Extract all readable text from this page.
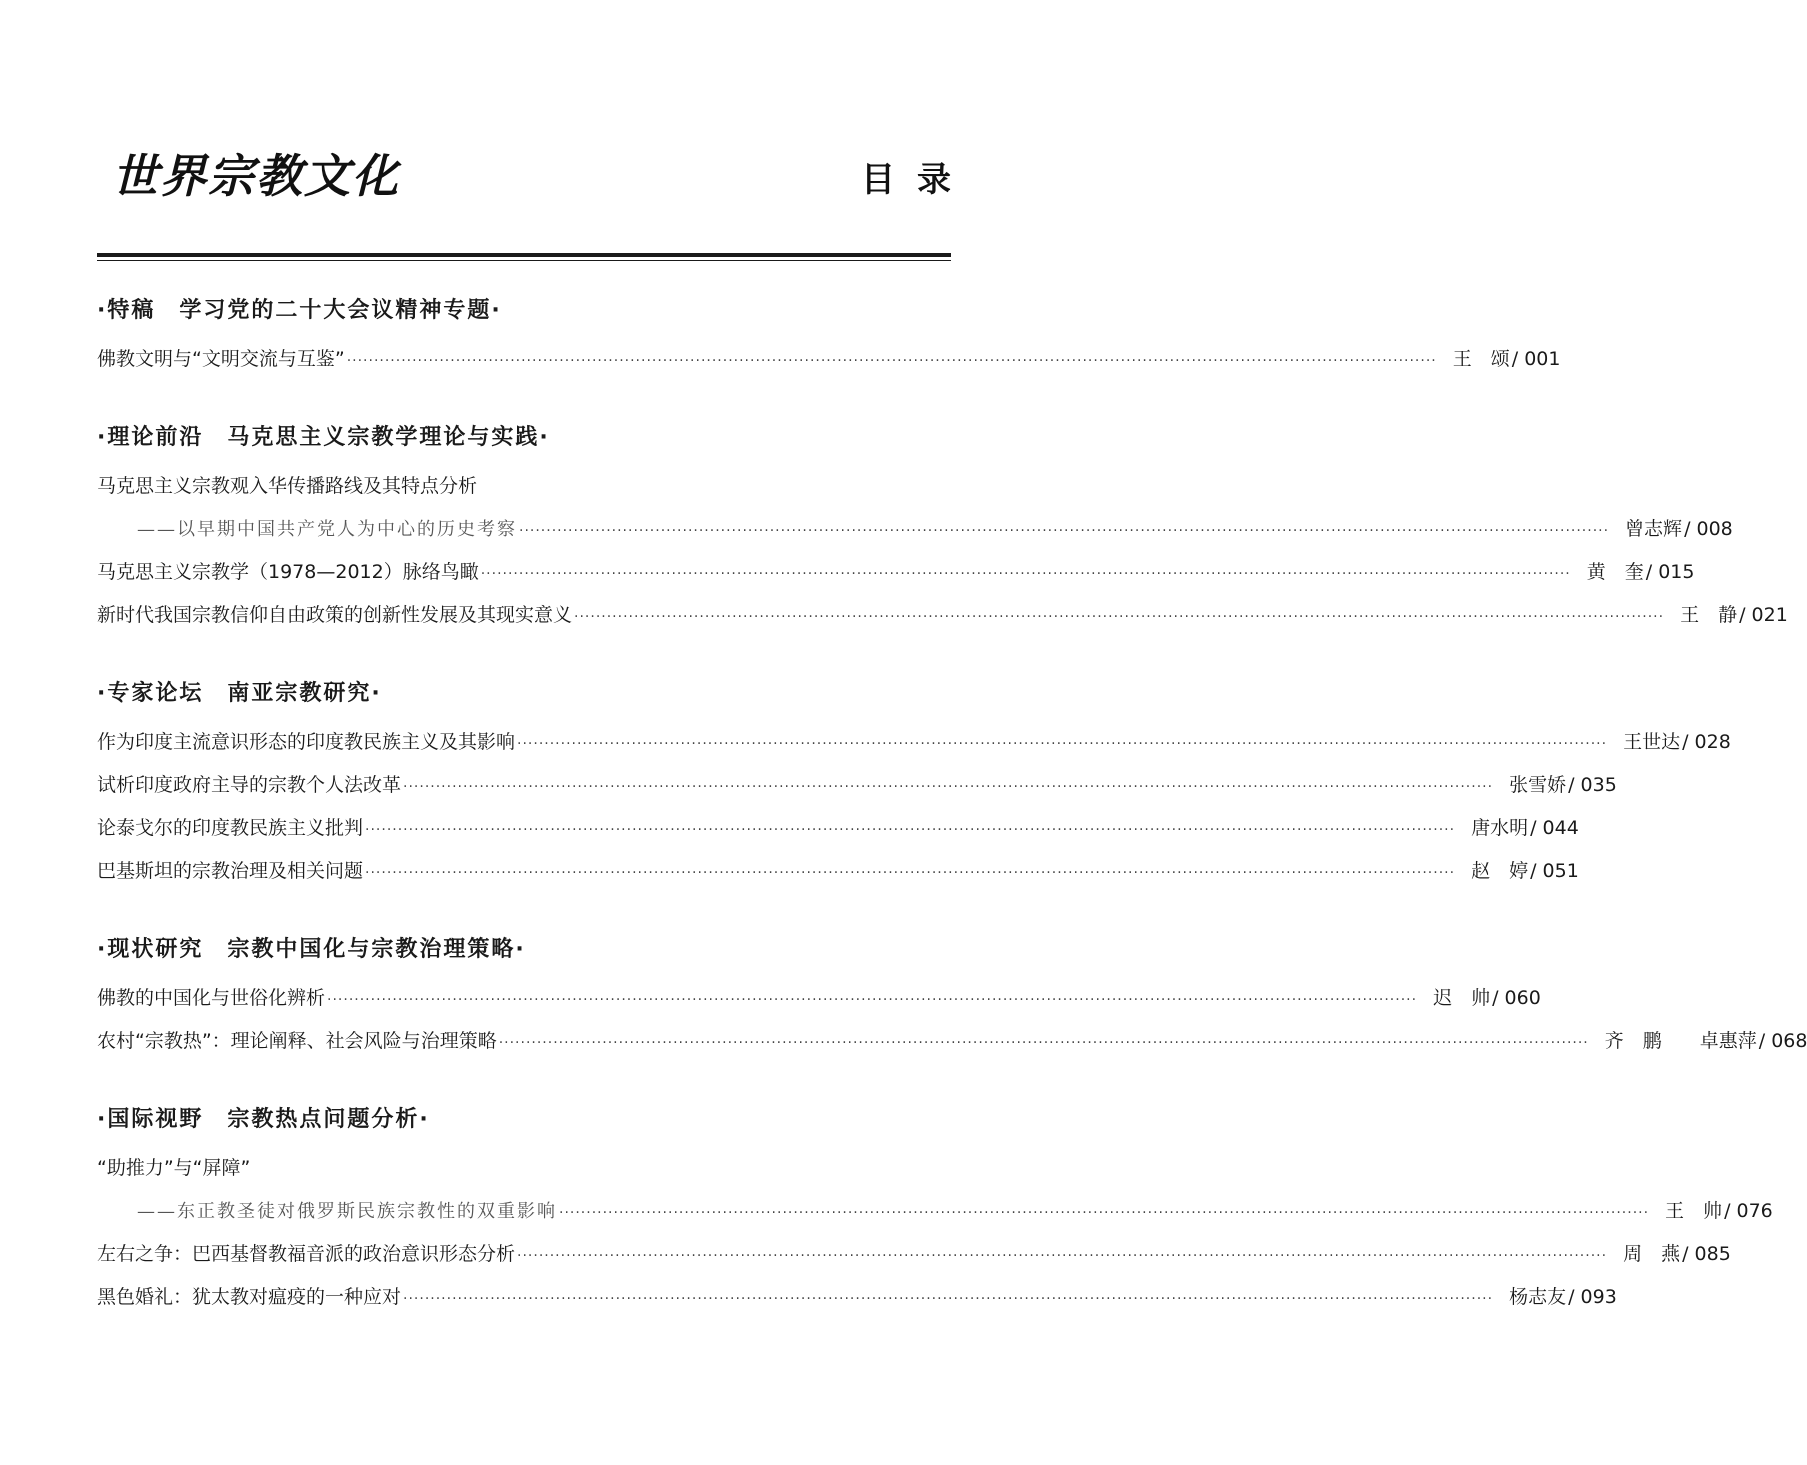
世界宗教文化	目录
·特稿　学习党的二十大会议精神专题·
佛教文明与“文明交流与互鉴” ········································································································································································································ 王　颂 / 001
·理论前沿　马克思主义宗教学理论与实践·
马克思主义宗教观入华传播路线及其特点分析
——以早期中国共产党人为中心的历史考察 ········································································································································································································ 曾志辉 / 008
马克思主义宗教学（1978—2012）脉络鸟瞰 ········································································································································································································ 黄　奎 / 015
新时代我国宗教信仰自由政策的创新性发展及其现实意义 ········································································································································································································ 王　静 / 021
·专家论坛　南亚宗教研究·
作为印度主流意识形态的印度教民族主义及其影响 ········································································································································································································ 王世达 / 028
试析印度政府主导的宗教个人法改革 ········································································································································································································ 张雪娇 / 035
论泰戈尔的印度教民族主义批判 ········································································································································································································ 唐水明 / 044
巴基斯坦的宗教治理及相关问题 ········································································································································································································ 赵　婷 / 051
·现状研究　宗教中国化与宗教治理策略·
佛教的中国化与世俗化辨析 ········································································································································································································ 迟　帅 / 060
农村“宗教热”：理论阐释、社会风险与治理策略 ········································································································································································································ 齐　鹏　　卓惠萍 / 068
·国际视野　宗教热点问题分析·
“助推力”与“屏障”
——东正教圣徒对俄罗斯民族宗教性的双重影响 ········································································································································································································ 王　帅 / 076
左右之争：巴西基督教福音派的政治意识形态分析 ········································································································································································································ 周　燕 / 085
黑色婚礼：犹太教对瘟疫的一种应对 ········································································································································································································ 杨志友 / 093
